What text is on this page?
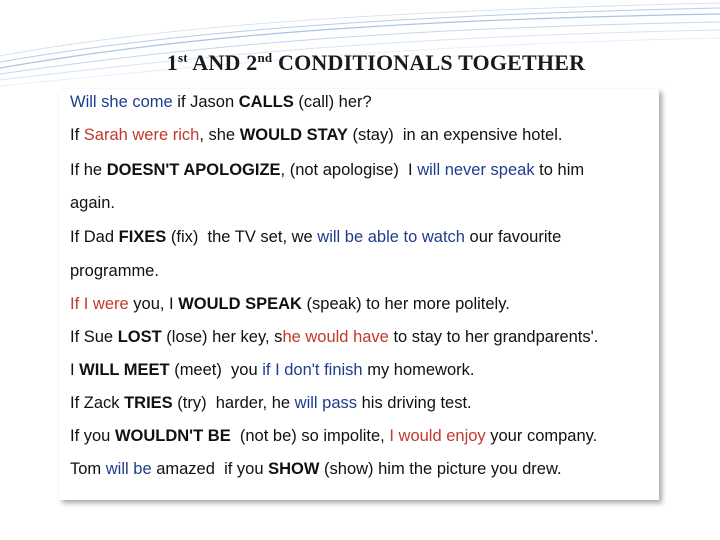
1st AND 2nd CONDITIONALS TOGETHER
Will she come if Jason CALLS (call) her?
If Sarah were rich, she WOULD STAY (stay)  in an expensive hotel.
If he DOESN'T APOLOGIZE, (not apologise)  I will never speak to him
again.
If Dad FIXES (fix)  the TV set, we will be able to watch our favourite
programme.
If I were you, I WOULD SPEAK (speak) to her more politely.
If Sue LOST (lose) her key, she would have to stay to her grandparents'.
I WILL MEET (meet)  you if I don't finish my homework.
If Zack TRIES (try)  harder, he will pass his driving test.
If you WOULDN'T BE  (not be) so impolite, I would enjoy your company.
Tom will be amazed  if you SHOW (show) him the picture you drew.
